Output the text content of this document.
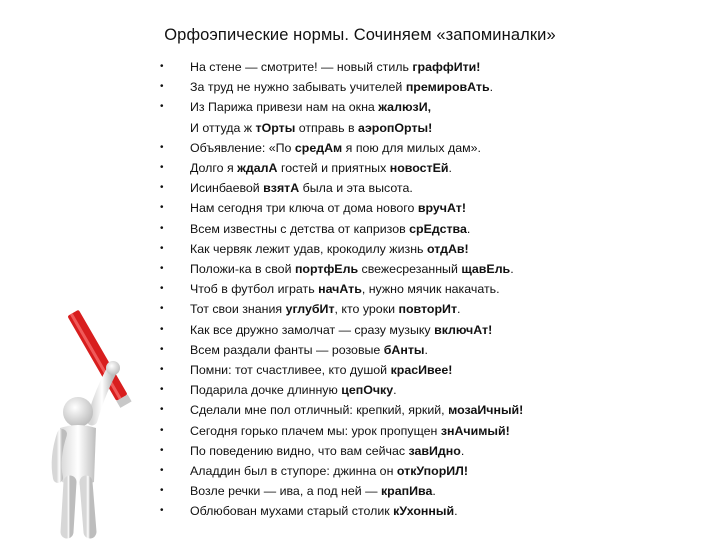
Орфоэпические нормы. Сочиняем «запоминалки»
• На стене — смотрите! — новый стиль граффИти!
• За труд не нужно забывать учителей премировАть.
• Из Парижа привези нам на окна жалюзИ,
И оттуда ж тОрты отправь в аэропОрты!
• Объявление: «По средАм я пою для милых дам».
• Долго я ждалА гостей и приятных новостЕй.
• Исинбаевой взятА была и эта высота.
• Нам сегодня три ключа от дома нового вручАт!
• Всем известны с детства от капризов срЕдства.
• Как червяк лежит удав, крокодилу жизнь отдАв!
• Положи-ка в свой портфЕль свежесрезанный щавЕль.
• Чтоб в футбол играть начАть, нужно мячик накачать.
• Тот свои знания углубИт, кто уроки повторИт.
• Как все дружно замолчат — сразу музыку включАт!
• Всем раздали фанты — розовые бАнты.
• Помни: тот счастливее, кто душой красИвее!
• Подарила дочке длинную цепОчку.
• Сделали мне пол отличный: крепкий, яркий, мозаИчный!
• Сегодня горько плачем мы: урок пропущен знАчимый!
• По поведению видно, что вам сейчас завИдно.
• Аладдин был в ступоре: джинна он откУпорИЛ!
• Возле речки — ива, а под ней — крапИва.
• Облюбован мухами старый столик кУхонный.
